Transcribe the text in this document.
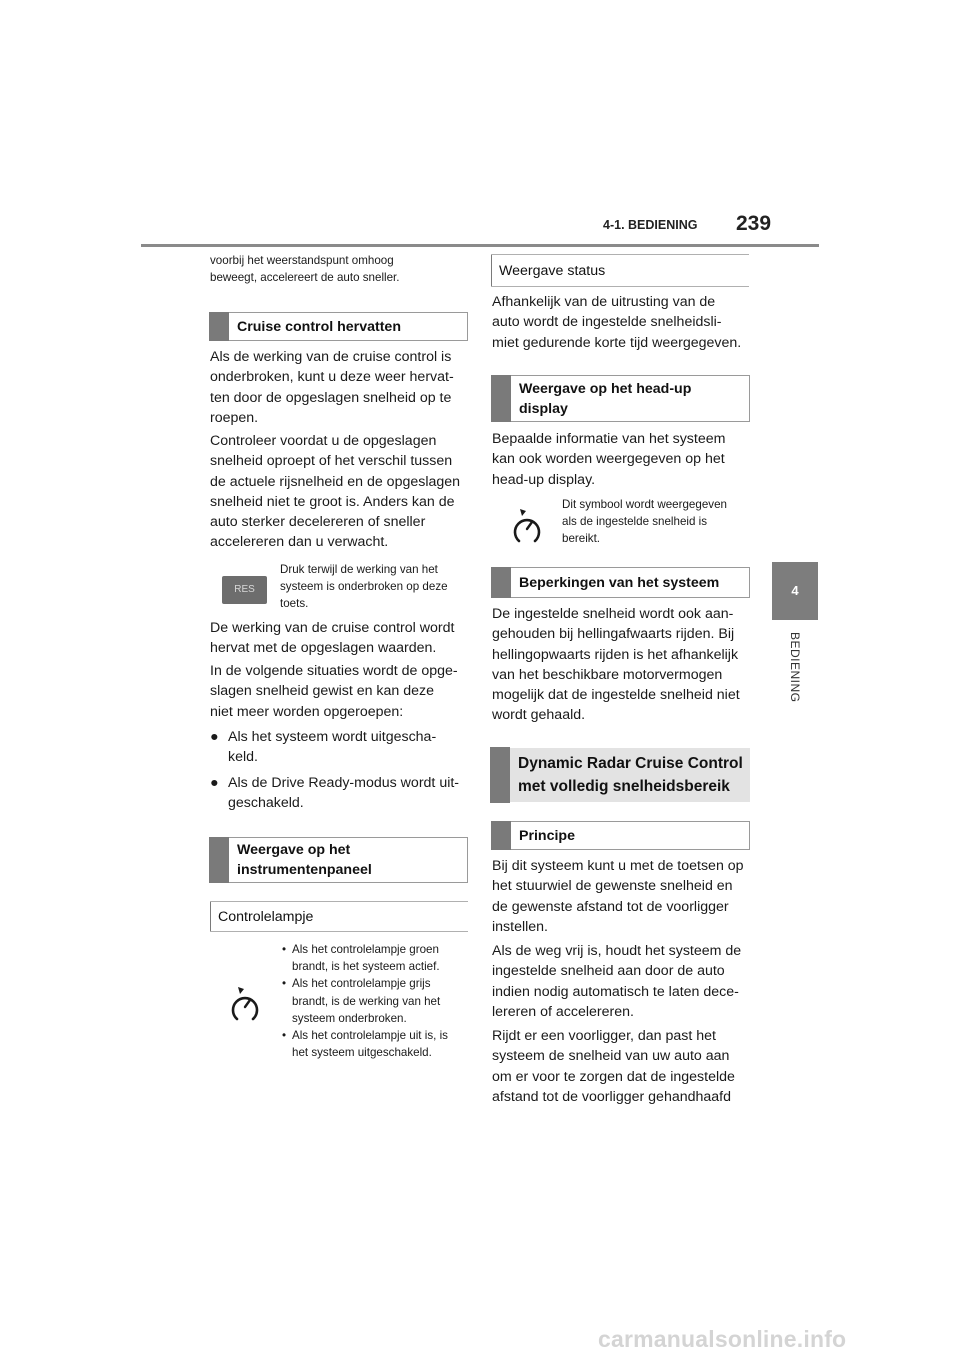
4-1. BEDIENING 239
4
BEDIENING
voorbij het weerstandspunt omhoog
beweegt, accelereert de auto sneller.
Cruise control hervatten
Als de werking van de cruise control is
onderbroken, kunt u deze weer hervat-
ten door de opgeslagen snelheid op te
roepen.
Controleer voordat u de opgeslagen
snelheid oproept of het verschil tussen
de actuele rijsnelheid en de opgeslagen
snelheid niet te groot is. Anders kan de
auto sterker decelereren of sneller
accelereren dan u verwacht.
RES
Druk terwijl de werking van het
systeem is onderbroken op deze
toets.
De werking van de cruise control wordt
hervat met de opgeslagen waarden.
In de volgende situaties wordt de opge-
slagen snelheid gewist en kan deze
niet meer worden opgeroepen:
● Als het systeem wordt uitgescha-
keld.
● Als de Drive Ready-modus wordt uit-
geschakeld.
Weergave op het
instrumentenpaneel
Controlelampje
• Als het controlelampje groen
brandt, is het systeem actief.
• Als het controlelampje grijs
brandt, is de werking van het
systeem onderbroken.
• Als het controlelampje uit is, is
het systeem uitgeschakeld.
Weergave status
Afhankelijk van de uitrusting van de
auto wordt de ingestelde snelheidsli-
miet gedurende korte tijd weergegeven.
Weergave op het head-up
display
Bepaalde informatie van het systeem
kan ook worden weergegeven op het
head-up display.
Dit symbool wordt weergegeven
als de ingestelde snelheid is
bereikt.
Beperkingen van het systeem
De ingestelde snelheid wordt ook aan-
gehouden bij hellingafwaarts rijden. Bij
hellingopwaarts rijden is het afhankelijk
van het beschikbare motorvermogen
mogelijk dat de ingestelde snelheid niet
wordt gehaald.
Dynamic Radar Cruise Control
met volledig snelheidsbereik
Principe
Bij dit systeem kunt u met de toetsen op
het stuurwiel de gewenste snelheid en
de gewenste afstand tot de voorligger
instellen.
Als de weg vrij is, houdt het systeem de
ingestelde snelheid aan door de auto
indien nodig automatisch te laten dece-
lereren of accelereren.
Rijdt er een voorligger, dan past het
systeem de snelheid van uw auto aan
om er voor te zorgen dat de ingestelde
afstand tot de voorligger gehandhaafd
carmanualsonline.info
